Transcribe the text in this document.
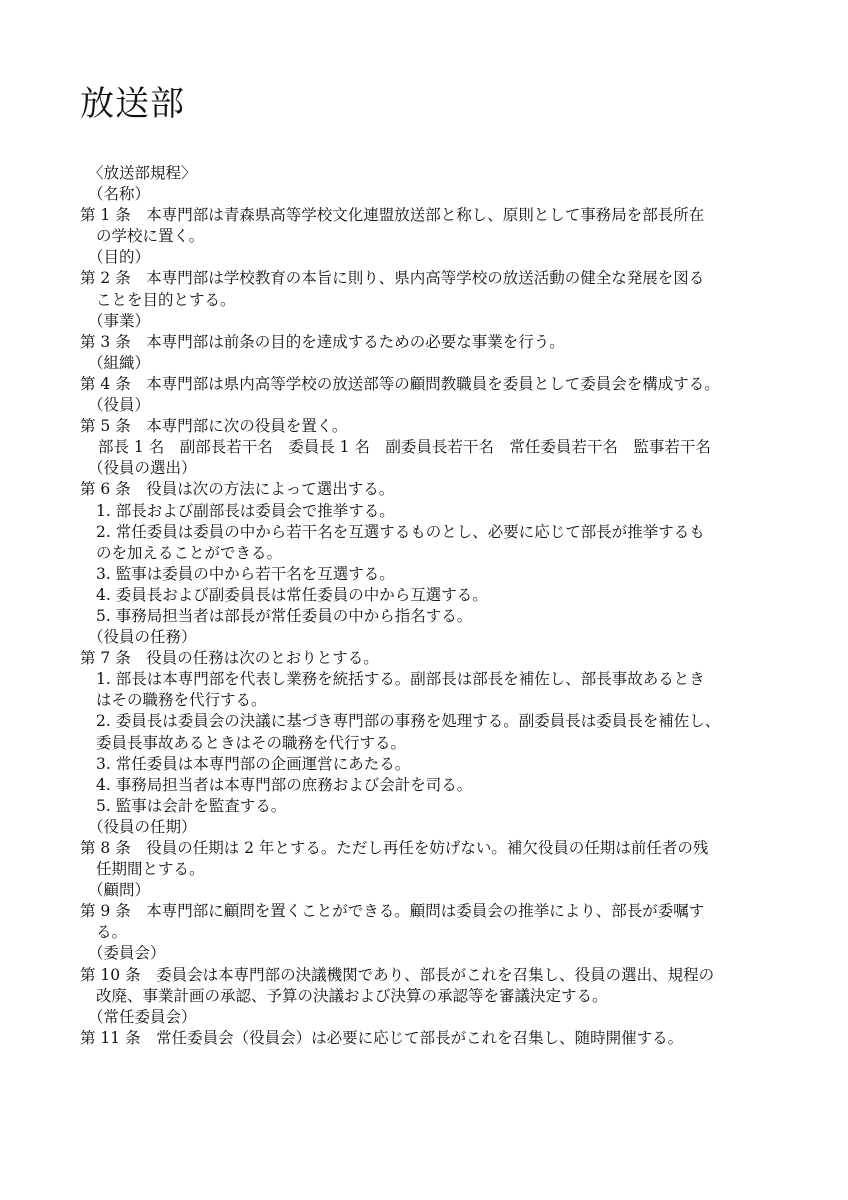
放送部
〈放送部規程〉
（名称）
第 1 条　本専門部は青森県高等学校文化連盟放送部と称し、原則として事務局を部長所在
の学校に置く。
（目的）
第 2 条　本専門部は学校教育の本旨に則り、県内高等学校の放送活動の健全な発展を図る
ことを目的とする。
（事業）
第 3 条　本専門部は前条の目的を達成するための必要な事業を行う。
（組織）
第 4 条　本専門部は県内高等学校の放送部等の顧問教職員を委員として委員会を構成する。
（役員）
第 5 条　本専門部に次の役員を置く。
部長 1 名　副部長若干名　委員長 1 名　副委員長若干名　常任委員若干名　監事若干名
（役員の選出）
第 6 条　役員は次の方法によって選出する。
1. 部長および副部長は委員会で推挙する。
2. 常任委員は委員の中から若干名を互選するものとし、必要に応じて部長が推挙するも
のを加えることができる。
3. 監事は委員の中から若干名を互選する。
4. 委員長および副委員長は常任委員の中から互選する。
5. 事務局担当者は部長が常任委員の中から指名する。
（役員の任務）
第 7 条　役員の任務は次のとおりとする。
1. 部長は本専門部を代表し業務を統括する。副部長は部長を補佐し、部長事故あるとき
はその職務を代行する。
2. 委員長は委員会の決議に基づき専門部の事務を処理する。副委員長は委員長を補佐し、
委員長事故あるときはその職務を代行する。
3. 常任委員は本専門部の企画運営にあたる。
4. 事務局担当者は本専門部の庶務および会計を司る。
5. 監事は会計を監査する。
（役員の任期）
第 8 条　役員の任期は 2 年とする。ただし再任を妨げない。補欠役員の任期は前任者の残
任期間とする。
（顧問）
第 9 条　本専門部に顧問を置くことができる。顧問は委員会の推挙により、部長が委嘱す
る。
（委員会）
第 10 条　委員会は本専門部の決議機関であり、部長がこれを召集し、役員の選出、規程の
改廃、事業計画の承認、予算の決議および決算の承認等を審議決定する。
（常任委員会）
第 11 条　常任委員会（役員会）は必要に応じて部長がこれを召集し、随時開催する。
